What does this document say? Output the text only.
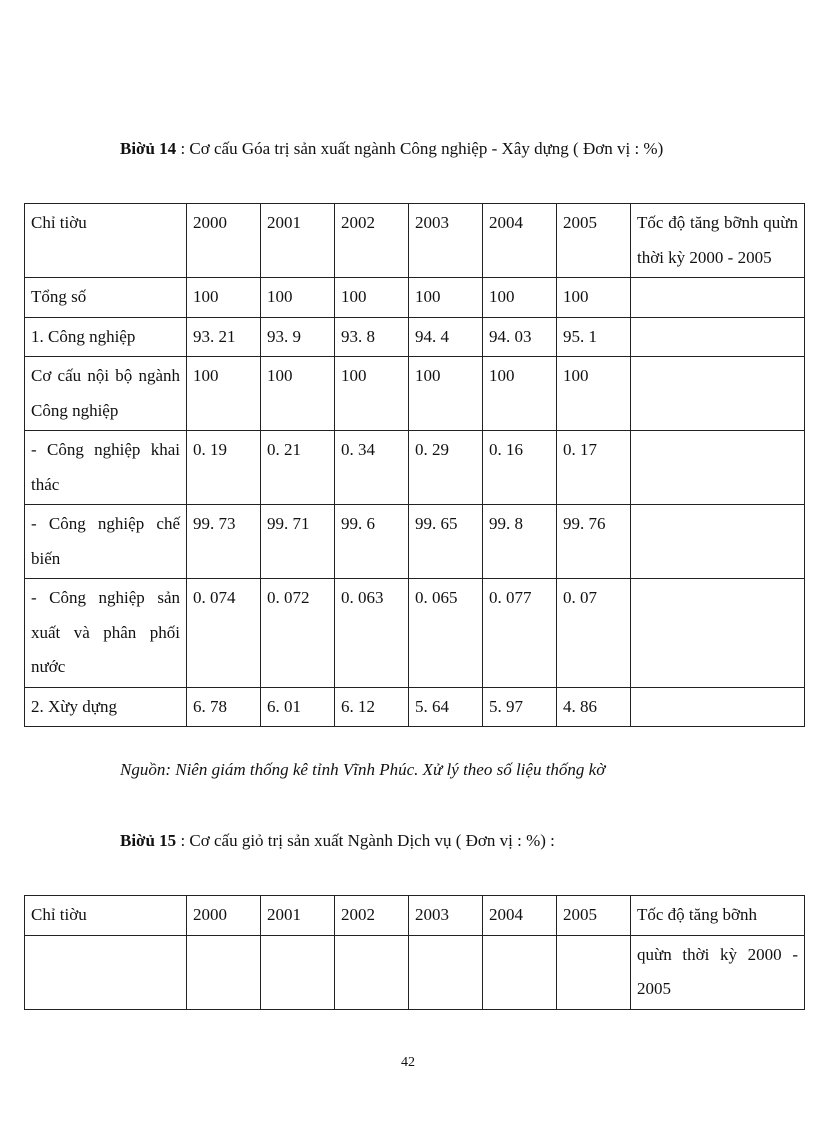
Biờủ 14 : Cơ cấu Góa trị sản xuất ngành Công nghiệp - Xây dựng ( Đơn vị : %)
Chỉ tiờu	2000	2001	2002	2003	2004	2005	Tốc độ tăng bỡnh quừn thời kỳ 2000 - 2005
Tổng số	100	100	100	100	100	100	
1. Công nghiệp	93. 21	93. 9	93. 8	94. 4	94. 03	95. 1	
Cơ cấu nội bộ ngành Công nghiệp	100	100	100	100	100	100	
- Công nghiệp khai thác	0. 19	0. 21	0. 34	0. 29	0. 16	0. 17	
- Công nghiệp chế biến	99. 73	99. 71	99. 6	99. 65	99. 8	99. 76	
- Công nghiệp sản xuất và phân phối nước	0. 074	0. 072	0. 063	0. 065	0. 077	0. 07	
2. Xừy dựng	6. 78	6. 01	6. 12	5. 64	5. 97	4. 86	
Nguồn: Niên giám thống kê tỉnh Vĩnh Phúc. Xử lý theo số liệu thống kờ
Biờủ 15 : Cơ cấu giỏ trị sản xuất Ngành Dịch vụ ( Đơn vị : %) :
Chỉ tiờu	2000	2001	2002	2003	2004	2005	Tốc độ tăng bỡnh
							quừn thời kỳ 2000 - 2005
42
